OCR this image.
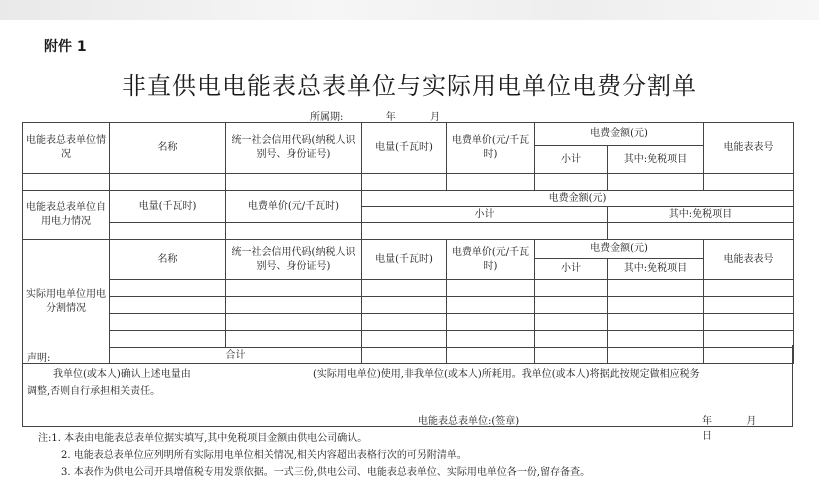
附件 1
非直供电电能表总表单位与实际用电单位电费分割单
所属期:	年	月
电能表总表单位情况	名称	统一社会信用代码(纳税人识别号、身份证号)	电量(千瓦时)	电费单价(元/千瓦时)	电费金额(元)		电能表表号
					小计	其中:免税项目	

电能表总表单位自用电力情况	电量(千瓦时)	电费单价(元/千瓦时)	电费金额(元)				
			小计			其中:免税项目	

实际用电单位用电分割情况	名称	统一社会信用代码(纳税人识别号、身份证号)	电量(千瓦时)	电费单价(元/千瓦时)	电费金额(元)		电能表表号
					小计	其中:免税项目	

	合计						
声明:
我单位(或本人)确认上述电量由	(实际用电单位)使用,非我单位(或本人)所耗用。我单位(或本人)将据此按规定做相应税务
调整,否则自行承担相关责任。
电能表总表单位:(签章)	年	月  日
注:1. 本表由电能表总表单位据实填写,其中免税项目金额由供电公司确认。
2. 电能表总表单位应列明所有实际用电单位相关情况,相关内容超出表格行次的可另附清单。
3. 本表作为供电公司开具增值税专用发票依据。一式三份,供电公司、电能表总表单位、实际用电单位各一份,留存备查。
